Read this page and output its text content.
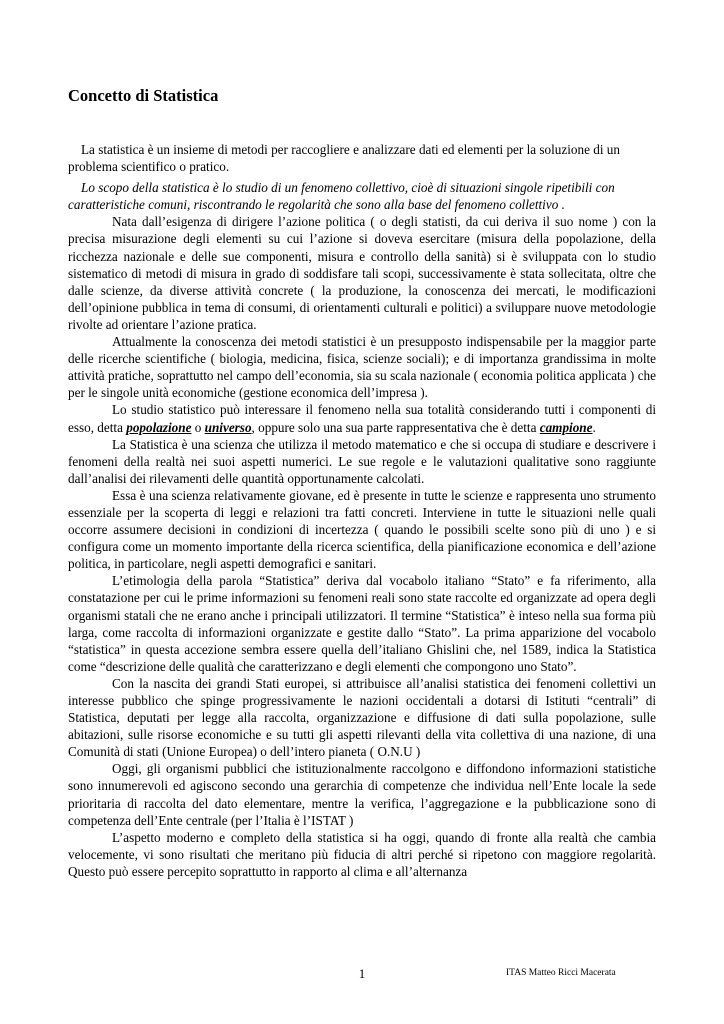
Concetto di Statistica

La statistica è un insieme di metodi per raccogliere e analizzare dati ed elementi per la soluzione di un problema scientifico o pratico.

Lo scopo della statistica è lo studio di un fenomeno collettivo, cioè di situazioni singole ripetibili con caratteristiche comuni, riscontrando le regolarità che sono alla base del fenomeno collettivo .

Nata dall’esigenza di dirigere l’azione politica ( o degli statisti, da cui deriva il suo nome ) con la precisa misurazione degli elementi su cui l’azione si doveva esercitare (misura della popolazione, della ricchezza nazionale e delle sue componenti, misura e controllo della sanità) si è sviluppata con lo studio sistematico di metodi di misura in grado di soddisfare tali scopi, successivamente è stata sollecitata, oltre che dalle scienze, da diverse attività concrete ( la produzione, la conoscenza dei mercati, le modificazioni dell’opinione pubblica in tema di consumi, di orientamenti culturali e politici) a sviluppare nuove metodologie rivolte ad orientare l’azione pratica.

Attualmente la conoscenza dei metodi statistici è un presupposto indispensabile per la maggior parte delle ricerche scientifiche ( biologia, medicina, fisica, scienze sociali); e di importanza grandissima in molte attività pratiche, soprattutto nel campo dell’economia, sia su scala nazionale ( economia politica applicata ) che per le singole unità economiche (gestione economica dell’impresa ).

Lo studio statistico può interessare il fenomeno nella sua totalità considerando tutti i componenti di esso, detta popolazione o universo, oppure solo una sua parte rappresentativa che è detta campione.

La Statistica è una scienza che utilizza il metodo matematico e che si occupa di studiare e descrivere i fenomeni della realtà nei suoi aspetti numerici. Le sue regole e le valutazioni qualitative sono raggiunte dall’analisi dei rilevamenti delle quantità opportunamente calcolati.

Essa è una scienza relativamente giovane, ed è presente in tutte le scienze e rappresenta uno strumento essenziale per la scoperta di leggi e relazioni tra fatti concreti. Interviene in tutte le situazioni nelle quali occorre assumere decisioni in condizioni di incertezza ( quando le possibili scelte sono più di uno ) e si configura come un momento importante della ricerca scientifica, della pianificazione economica e dell’azione politica, in particolare, negli aspetti demografici e sanitari.

L’etimologia della parola “Statistica” deriva dal vocabolo italiano “Stato” e fa riferimento, alla constatazione per cui le prime informazioni su fenomeni reali sono state raccolte ed organizzate ad opera degli organismi statali che ne erano anche i principali utilizzatori. Il termine “Statistica” è inteso nella sua forma più larga, come raccolta di informazioni organizzate e gestite dallo “Stato”. La prima apparizione del vocabolo “statistica” in questa accezione sembra essere quella dell’italiano Ghislini che, nel 1589, indica la Statistica come “descrizione delle qualità che caratterizzano e degli elementi che compongono uno Stato”.

Con la nascita dei grandi Stati europei, si attribuisce all’analisi statistica dei fenomeni collettivi un interesse pubblico che spinge progressivamente le nazioni occidentali a dotarsi di Istituti “centrali” di Statistica, deputati per legge alla raccolta, organizzazione e diffusione di dati sulla popolazione, sulle abitazioni, sulle risorse economiche e su tutti gli aspetti rilevanti della vita collettiva di una nazione, di una Comunità di stati (Unione Europea) o dell’intero pianeta ( O.N.U )

Oggi, gli organismi pubblici che istituzionalmente raccolgono e diffondono informazioni statistiche sono innumerevoli ed agiscono secondo una gerarchia di competenze che individua nell’Ente locale la sede prioritaria di raccolta del dato elementare, mentre la verifica, l’aggregazione e la pubblicazione sono di competenza dell’Ente centrale (per l’Italia è l’ISTAT )

L’aspetto moderno e completo della statistica si ha oggi, quando di fronte alla realtà che cambia velocemente, vi sono risultati che meritano più fiducia di altri perché si ripetono con maggiore regolarità. Questo può essere percepito soprattutto in rapporto al clima e all’alternanza

1	ITAS Matteo Ricci Macerata
